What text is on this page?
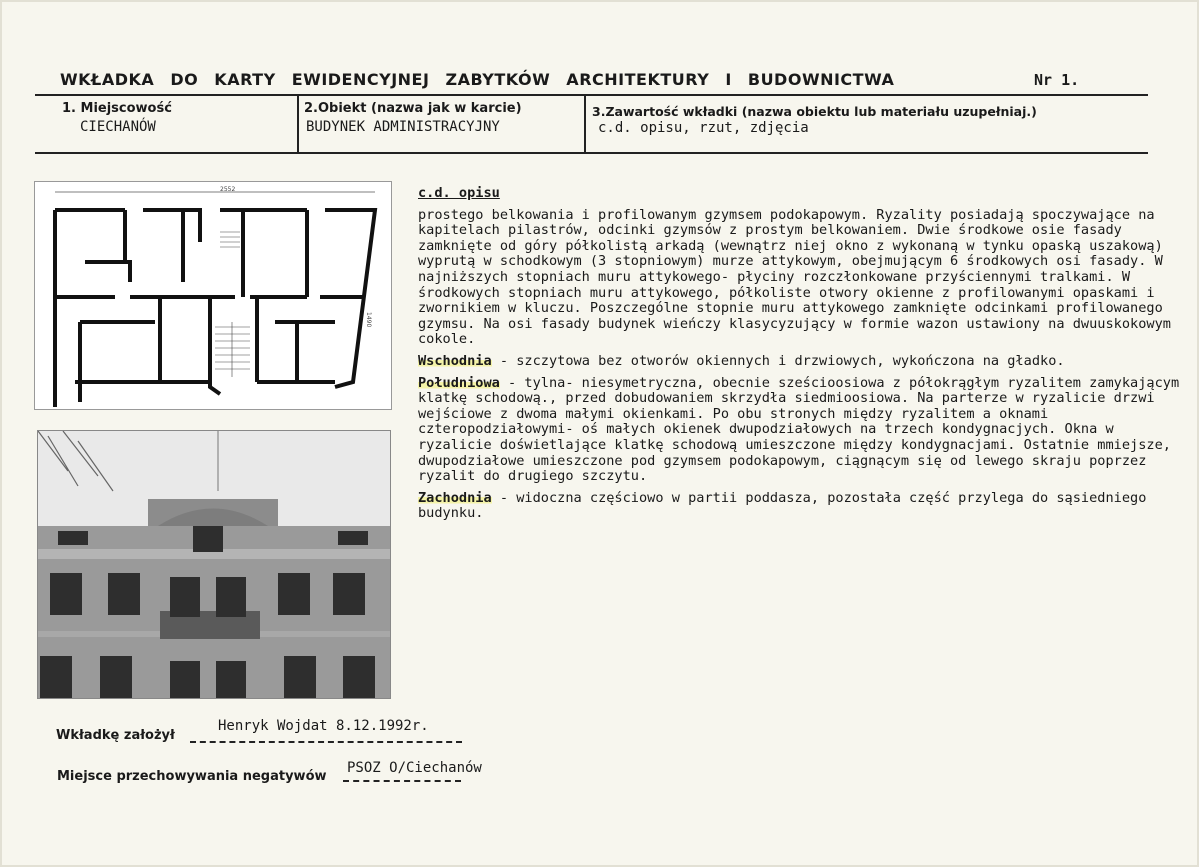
WKŁADKA DO KARTY EWIDENCYJNEJ ZABYTKÓW ARCHITEKTURY I BUDOWNICTWA	Nr 1.
1. Miejscowość
CIECHANÓW
2.Obiekt (nazwa jak w karcie)
BUDYNEK ADMINISTRACYJNY
3.Zawartość wkładki (nazwa obiektu lub materiału uzupełniaj.)
c.d. opisu, rzut, zdjęcia
2552
1490

c.d. opisu

prostego belkowania i profilowanym gzymsem podokapowym. Ryzality posiadają spoczywające na kapitelach pilastrów, odcinki gzymsów z prostym belkowaniem. Dwie środkowe osie fasady zamknięte od góry półkolistą arkadą (wewnątrz niej okno z wykonaną w tynku opaską uszakową) wyprutą w schodkowym (3 stopniowym) murze attykowym, obejmującym 6 środkowych osi fasady. W najniższych stopniach muru attykowego- płyciny rozczłonkowane przyściennymi tralkami. W środkowych stopniach muru attykowego, półkoliste otwory okienne z profilowanymi opaskami i zwornikiem w kluczu. Poszczególne stopnie muru attykowego zamknięte odcinkami profilowanego gzymsu. Na osi fasady budynek wieńczy klasycyzujący w formie wazon ustawiony na dwuuskokowym cokole.

Wschodnia - szczytowa bez otworów okiennych i drzwiowych, wykończona na gładko.

Południowa - tylna- niesymetryczna, obecnie sześcioosiowa z półokrągłym ryzalitem zamykającym klatkę schodową., przed dobudowaniem skrzydła siedmioosiowa. Na parterze w ryzalicie drzwi wejściowe z dwoma małymi okienkami. Po obu stronych między ryzalitem a oknami czteropodziałowymi- oś małych okienek dwupodziałowych na trzech kondygnacjych. Okna w ryzalicie doświetlające klatkę schodową umieszczone między kondygnacjami. Ostatnie mmiejsze, dwupodziałowe umieszczone pod gzymsem podokapowym, ciągnącym się od lewego skraju poprzez ryzalit do drugiego szczytu.

Zachodnia - widoczna częściowo w partii poddasza, pozostała część przylega do sąsiedniego budynku.

Wkładkę założył
Henryk Wojdat 8.12.1992r.
Miejsce przechowywania negatywów
PSOZ O/Ciechanów
